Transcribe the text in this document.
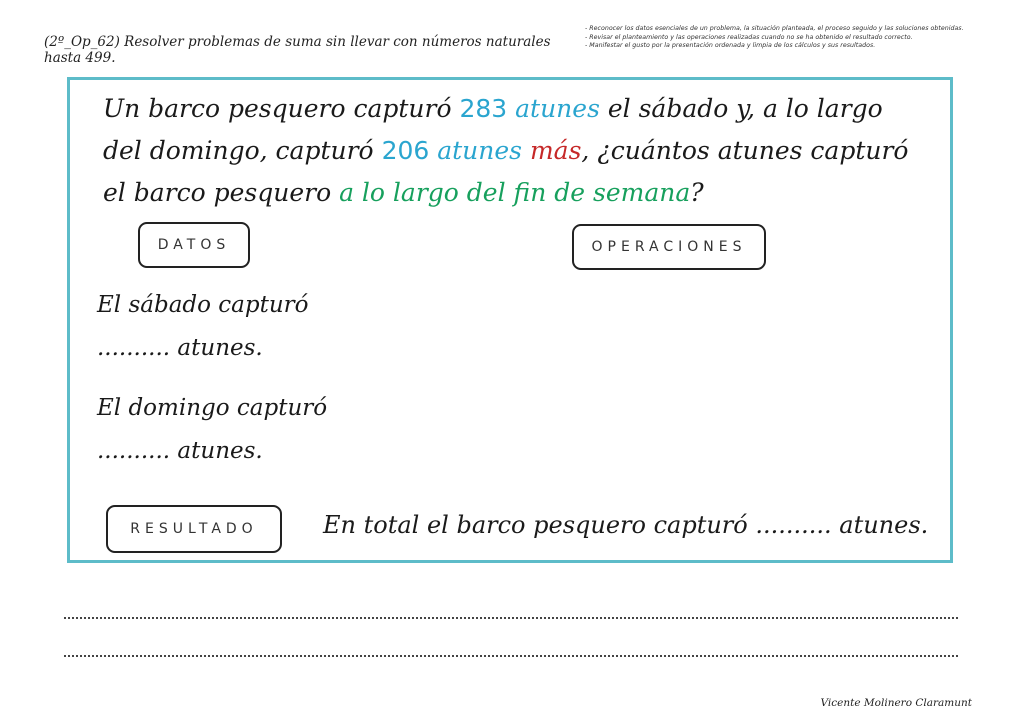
(2º_Op_62) Resolver problemas de suma sin llevar con números naturales hasta 499.
- Reconocer los datos esenciales de un problema, la situación planteada, el proceso seguido y las soluciones obtenidas.
- Revisar el planteamiento y las operaciones realizadas cuando no se ha obtenido el resultado correcto.
- Manifestar el gusto por la presentación ordenada y limpia de los cálculos y sus resultados.
Un barco pesquero capturó 283 atunes el sábado y, a lo largo del domingo, capturó 206 atunes más, ¿cuántos atunes capturó el barco pesquero a lo largo del fin de semana?
DATOS	OPERACIONES
El sábado capturó
.......... atunes.
El domingo capturó
.......... atunes.
RESULTADO	En total el barco pesquero capturó .......... atunes.
Vicente Molinero Claramunt
